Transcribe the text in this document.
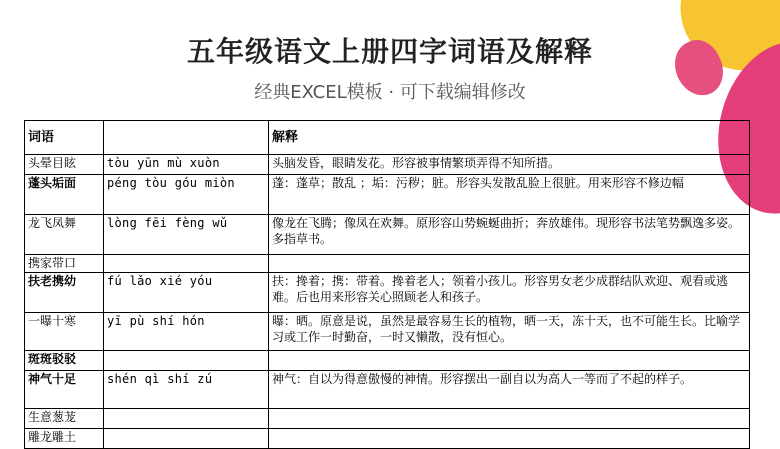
五年级语文上册四字词语及解释
经典EXCEL模板 · 可下载编辑修改
词语		解释
头晕目眩	tòu yūn mù xuòn	头脑发昏，眼睛发花。形容被事情繁琐弄得不知所措。
蓬头垢面	péng tòu góu miòn	蓬：蓬草；散乱 ；垢：污秽；脏。形容头发散乱脸上很脏。用来形容不修边幅
龙飞凤舞	lòng fēi fèng wǔ	像龙在飞腾；像凤在欢舞。原形容山势蜿蜒曲折；奔放雄伟。现形容书法笔势飘逸多姿。多指草书。
携家带口		
扶老携幼	fú lǎo xié yóu	扶：搀着；携：带着。搀着老人；领着小孩儿。形容男女老少成群结队欢迎、观看或逃难。后也用来形容关心照顾老人和孩子。
一曝十寒	yī pù shí hón	曝：晒。原意是说，虽然是最容易生长的植物，晒一天，冻十天，也不可能生长。比喻学习或工作一时勤奋，一时又懒散，没有恒心。
斑斑驳驳		
神气十足	shén qì shí zú	神气：自以为得意傲慢的神情。形容摆出一副自以为高人一等而了不起的样子。
生意葱茏		
雕龙雕土		
